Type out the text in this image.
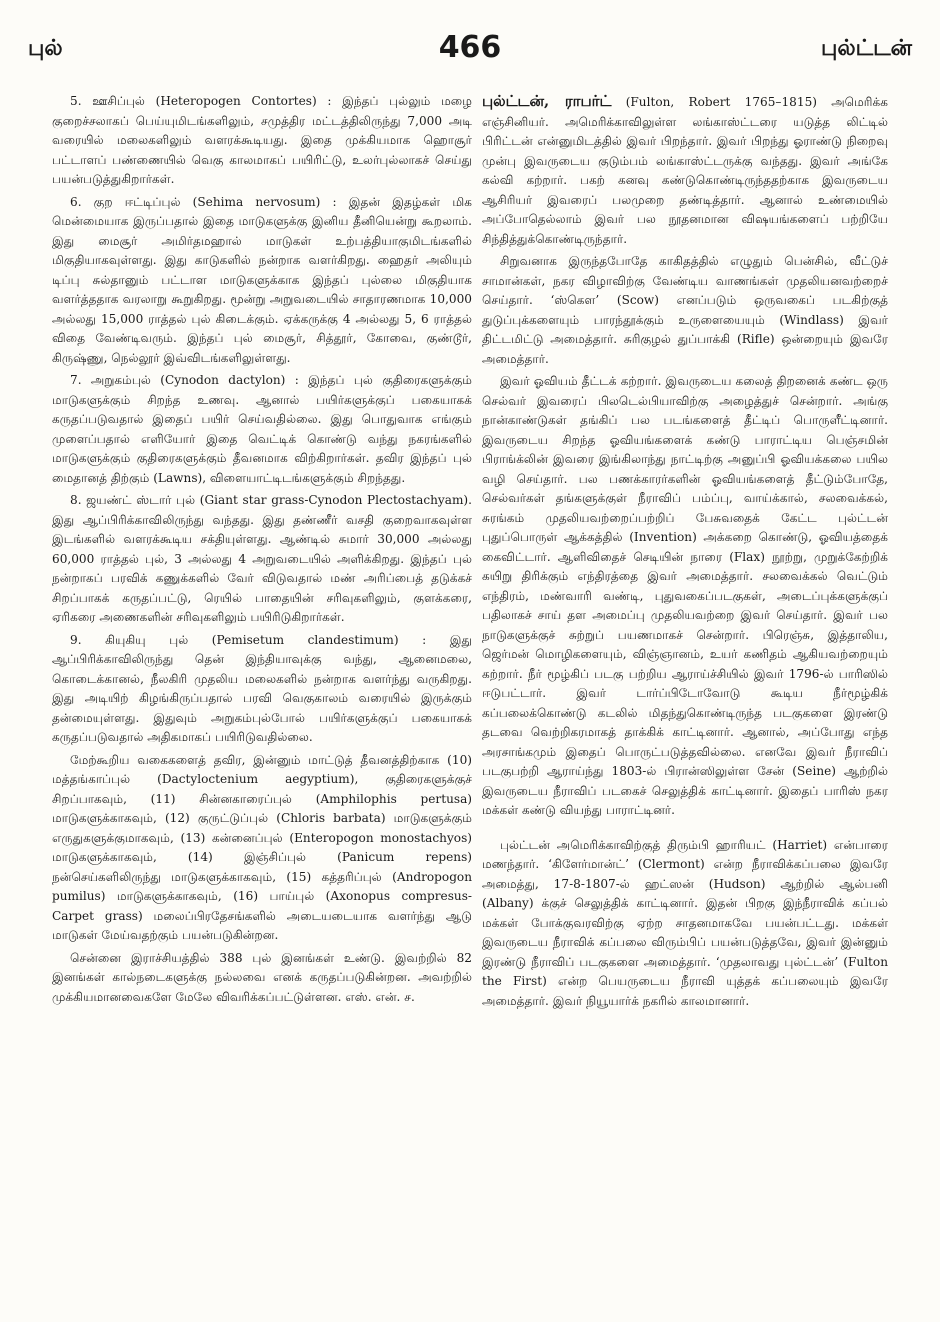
புல்	466	புல்ட்டன்

5. ஊசிப்புல் (Heteropogen Contortes) : இந்தப் புல்லும் மழை குறைச்சலாகப் பெய்யுமிடங்களிலும், சமுத்திர மட்டத்திலிருந்து 7,000 அடி வரையில் மலைகளிலும் வளரக்கூடியது. இதை முக்கியமாக ஹொசூர் பட்டாளப் பண்ணையில் வெகு காலமாகப் பயிரிட்டு, உலர்புல்லாகச் செய்து பயன்படுத்துகிறார்கள்.

6. குற ஈட்டிப்புல் (Sehima nervosum) : இதன் இதழ்கள் மிக மென்மையாக இருப்பதால் இதை மாடுகளுக்கு இனிய தீனியென்று கூறலாம். இது மைசூர் அமிர்தமஹால் மாடுகள் உற்பத்தியாகுமிடங்களில் மிகுதியாகவுள்ளது. இது காடுகளில் நன்றாக வளர்கிறது. ஹைதர் அலியும் டிப்பு சுல்தானும் பட்டாள மாடுகளுக்காக இந்தப் புல்லை மிகுதியாக வளர்த்ததாக வரலாறு கூறுகிறது. மூன்று அறுவடையில் சாதாரணமாக 10,000 அல்லது 15,000 ராத்தல் புல் கிடைக்கும். ஏக்கருக்கு 4 அல்லது 5, 6 ராத்தல் விதை வேண்டிவரும். இந்தப் புல் மைசூர், சித்தூர், கோவை, குண்டூர், கிருஷ்ணு, நெல்லூர் இவ்விடங்களிலுள்ளது.

7. அறுகம்புல் (Cynodon dactylon) : இந்தப் புல் குதிரைகளுக்கும் மாடுகளுக்கும் சிறந்த உணவு. ஆனால் பயிர்களுக்குப் பகையாகக் கருதப்படுவதால் இதைப் பயிர் செய்வதில்லை. இது பொதுவாக எங்கும் முளைப்பதால் எளியோர் இதை வெட்டிக் கொண்டு வந்து நகரங்களில் மாடுகளுக்கும் குதிரைகளுக்கும் தீவனமாக விற்கிறார்கள். தவிர இந்தப் புல் மைதானத் திற்கும் (Lawns), விளையாட்டிடங்களுக்கும் சிறந்தது.

8. ஜயண்ட் ஸ்டார் புல் (Giant star grass-Cynodon Plectostachyam). இது ஆப்பிரிக்காவிலிருந்து வந்தது. இது தண்ணீர் வசதி குறைவாகவுள்ள இடங்களில் வளரக்கூடிய சக்தியுள்ளது. ஆண்டில் சுமார் 30,000 அல்லது 60,000 ராத்தல் புல், 3 அல்லது 4 அறுவடையில் அளிக்கிறது. இந்தப் புல் நன்றாகப் பரவிக் கணுக்களில் வேர் விடுவதால் மண் அரிப்பைத் தடுக்கச் சிறப்பாகக் கருதப்பட்டு, ரெயில் பாதையின் சரிவுகளிலும், குளக்கரை, ஏரிகரை அணைகளின் சரிவுகளிலும் பயிரிடுகிறார்கள்.

9. கியுகியு புல் (Pemisetum clandestimum) : இது ஆப்பிரிக்காவிலிருந்து தென் இந்தியாவுக்கு வந்து, ஆனைமலை, கொடைக்கானல், நீலகிரி முதலிய மலைகளில் நன்றாக வளர்ந்து வருகிறது. இது அடியிற் கிழங்கிருப்பதால் பரவி வெகுகாலம் வரையில் இருக்கும் தன்மையுள்ளது. இதுவும் அறுகம்புல்போல் பயிர்களுக்குப் பகையாகக் கருதப்படுவதால் அதிகமாகப் பயிரிடுவதில்லை.

மேற்கூறிய வகைகளைத் தவிர, இன்னும் மாட்டுத் தீவனத்திற்காக (10) மத்தங்காப்புல் (Dactyloctenium aegyptium), குதிரைகளுக்குச் சிறப்பாகவும், (11) சின்னகாரைப்புல் (Amphilophis pertusa) மாடுகளுக்காகவும், (12) குருட்டுப்புல் (Chloris barbata) மாடுகளுக்கும் எருதுகளுக்குமாகவும், (13) கன்னைப்புல் (Enteropogon monostachyos) மாடுகளுக்காகவும், (14) இஞ்சிப்புல் (Panicum repens) நன்செய்களிலிருந்து மாடுகளுக்காகவும், (15) கத்தரிப்புல் (Andropogon pumilus) மாடுகளுக்காகவும், (16) பாய்புல் (Axonopus compresus-Carpet grass) மலைப்பிரதேசங்களில் அடையடையாக வளர்ந்து ஆடு மாடுகள் மேய்வதற்கும் பயன்படுகின்றன.

சென்னை இராச்சியத்தில் 388 புல் இனங்கள் உண்டு. இவற்றில் 82 இனங்கள் கால்நடைகளுக்கு நல்லவை எனக் கருதப்படுகின்றன. அவற்றில் முக்கியமானவைகளே மேலே விவரிக்கப்பட்டுள்ளன. எஸ். என். ச.

புல்ட்டன், ராபர்ட் (Fulton, Robert 1765–1815) அமெரிக்க எஞ்சினியர். அமெரிக்காவிலுள்ள லங்காஸ்ட்டரை யடுத்த லிட்டில் பிரிட்டன் என்னுமிடத்தில் இவர் பிறந்தார். இவர் பிறந்து ஓராண்டு நிறைவு முன்பு இவருடைய குடும்பம் லங்காஸ்ட்டருக்கு வந்தது. இவர் அங்கே கல்வி கற்றார். பகற் கனவு கண்டுகொண்டிருந்ததற்காக இவருடைய ஆசிரியர் இவரைப் பலமுறை தண்டித்தார். ஆனால் உண்மையில் அப்போதெல்லாம் இவர் பல நூதனமான விஷயங்களைப் பற்றியே சிந்தித்துக்கொண்டிருந்தார்.

சிறுவனாக இருந்தபோதே காகிதத்தில் எழுதும் பென்சில், வீட்டுச் சாமான்கள், நகர விழாவிற்கு வேண்டிய வாணங்கள் முதலியனவற்றைச் செய்தார். ‘ஸ்கௌ’ (Scow) எனப்படும் ஒருவகைப் படகிற்குத் துடுப்புக்களையும் பாரந்தூக்கும் உருளையையும் (Windlass) இவர் திட்டமிட்டு அமைத்தார். சுரிகுழல் துப்பாக்கி (Rifle) ஒன்றையும் இவரே அமைத்தார்.

இவர் ஓவியம் தீட்டக் கற்றார். இவருடைய கலைத் திறனைக் கண்ட ஒரு செல்வர் இவரைப் பிலடெல்பியாவிற்கு அழைத்துச் சென்றார். அங்கு நான்காண்டுகள் தங்கிப் பல படங்களைத் தீட்டிப் பொருளீட்டினார். இவருடைய சிறந்த ஓவியங்களைக் கண்டு பாராட்டிய பெஞ்சமின் பிராங்க்லின் இவரை இங்கிலாந்து நாட்டிற்கு அனுப்பி ஓவியக்கலை பயில வழி செய்தார். பல பணக்காரர்களின் ஓவியங்களைத் தீட்டும்போதே, செல்வர்கள் தங்களுக்குள் நீராவிப் பம்ப்பு, வாய்க்கால், சலவைக்கல், சுரங்கம் முதலியவற்றைப்பற்றிப் பேசுவதைக் கேட்ட புல்ட்டன் புதுப்பொருள் ஆக்கத்தில் (Invention) அக்கறை கொண்டு, ஓவியத்தைக் கைவிட்டார். ஆளிவிதைச் செடியின் நாரை (Flax) நூற்று, முறுக்கேற்றிக் கயிறு திரிக்கும் எந்திரத்தை இவர் அமைத்தார். சலவைக்கல் வெட்டும் எந்திரம், மண்வாரி வண்டி, புதுவகைப்படகுகள், அடைப்புக்களுக்குப் பதிலாகச் சாய் தள அமைப்பு முதலியவற்றை இவர் செய்தார். இவர் பல நாடுகளுக்குச் சுற்றுப் பயணமாகச் சென்றார். பிரெஞ்சு, இத்தாலிய, ஜெர்மன் மொழிகளையும், விஞ்ஞானம், உயர் கணிதம் ஆகியவற்றையும் கற்றார். நீர் மூழ்கிப் படகு பற்றிய ஆராய்ச்சியில் இவர் 1796-ல் பாரிஸில் ஈடுபட்டார். இவர் டார்ப்பிடோவோடு கூடிய நீர்மூழ்கிக் கப்பலைக்கொண்டு கடலில் மிதந்துகொண்டிருந்த படகுகளை இரண்டு தடவை வெற்றிகரமாகத் தாக்கிக் காட்டினார். ஆனால், அப்போது எந்த அரசாங்கமும் இதைப் பொருட்படுத்தவில்லை. எனவே இவர் நீராவிப் படகுபற்றி ஆராய்ந்து 1803-ல் பிரான்ஸிலுள்ள சேன் (Seine) ஆற்றில் இவருடைய நீராவிப் படகைச் செலுத்திக் காட்டினார். இதைப் பாரிஸ் நகர மக்கள் கண்டு வியந்து பாராட்டினர்.

புல்ட்டன் அமெரிக்காவிற்குத் திரும்பி ஹாரியட் (Harriet) என்பாரை மணந்தார். ‘கிளேர்மான்ட்’ (Clermont) என்ற நீராவிக்கப்பலை இவரே அமைத்து, 17-8-1807-ல் ஹட்ஸன் (Hudson) ஆற்றில் ஆல்பனி (Albany) க்குச் செலுத்திக் காட்டினார். இதன் பிறகு இந்நீராவிக் கப்பல் மக்கள் போக்குவரவிற்கு ஏற்ற சாதனமாகவே பயன்பட்டது. மக்கள் இவருடைய நீராவிக் கப்பலை விரும்பிப் பயன்படுத்தவே, இவர் இன்னும் இரண்டு நீராவிப் படகுகளை அமைத்தார். ‘முதலாவது புல்ட்டன்’ (Fulton the First) என்ற பெயருடைய நீராவி யுத்தக் கப்பலையும் இவரே அமைத்தார். இவர் நியூயார்க் நகரில் காலமானார்.
